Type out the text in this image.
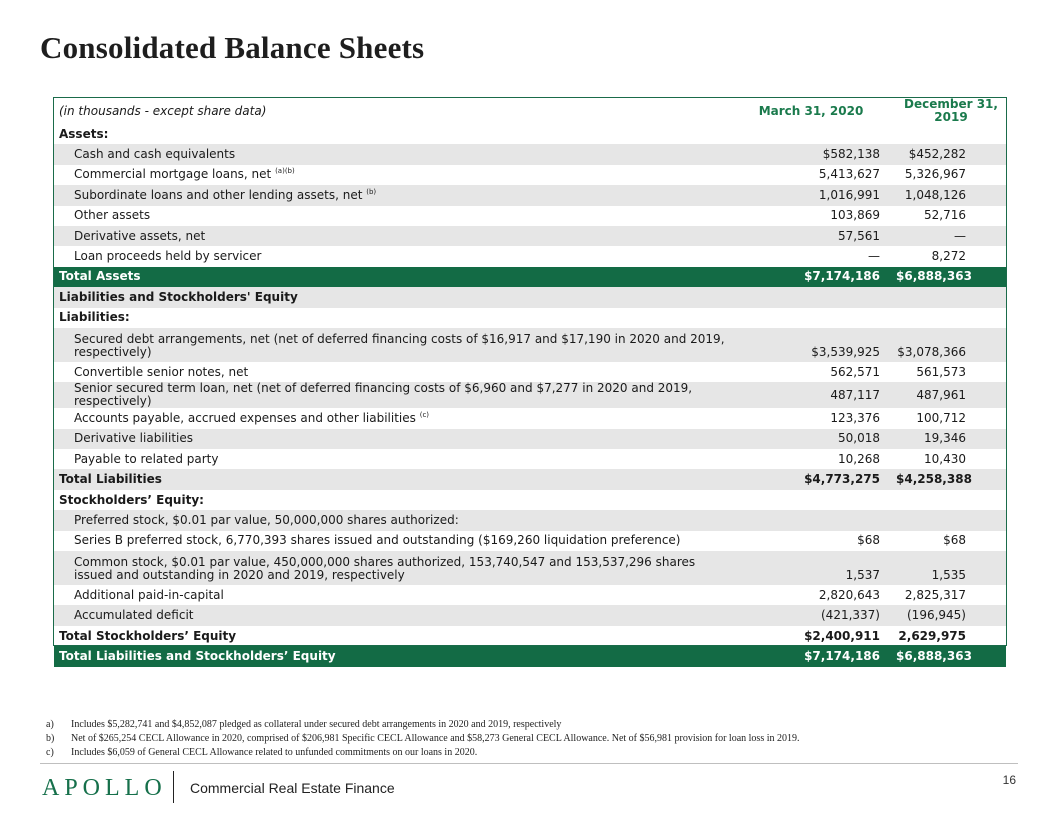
Consolidated Balance Sheets
(in thousands - except share data)	March 31, 2020	December 31, 2019
Assets:		
Cash and cash equivalents	$582,138	$452,282
Commercial mortgage loans, net $^{(a)(b)}$	5,413,627	5,326,967
Subordinate loans and other lending assets, net $^{(b)}$	1,016,991	1,048,126
Other assets	103,869	52,716
Derivative assets, net	57,561	—
Loan proceeds held by servicer	—	8,272
Total Assets	$7,174,186	$6,888,363
Liabilities and Stockholders' Equity		
Liabilities:		
Secured debt arrangements, net (net of deferred financing costs of $16,917 and $17,190 in 2020 and 2019, respectively)	$3,539,925	$3,078,366
Convertible senior notes, net	562,571	561,573
Senior secured term loan, net (net of deferred financing costs of $6,960 and $7,277 in 2020 and 2019, respectively)	487,117	487,961
Accounts payable, accrued expenses and other liabilities $^{(c)}$	123,376	100,712
Derivative liabilities	50,018	19,346
Payable to related party	10,268	10,430
Total Liabilities	$4,773,275	$4,258,388
Stockholders’ Equity:		
Preferred stock, $0.01 par value, 50,000,000 shares authorized:		
Series B preferred stock, 6,770,393 shares issued and outstanding ($169,260 liquidation preference)	$68	$68
Common stock, $0.01 par value, 450,000,000 shares authorized, 153,740,547 and 153,537,296 shares issued and outstanding in 2020 and 2019, respectively	1,537	1,535
Additional paid-in-capital	2,820,643	2,825,317
Accumulated deficit	(421,337)	(196,945)
Total Stockholders’ Equity	$2,400,911	2,629,975
Total Liabilities and Stockholders’ Equity	$7,174,186	$6,888,363
a)	Includes $5,282,741 and $4,852,087 pledged as collateral under secured debt arrangements in 2020 and 2019, respectively
b)	Net of $265,254 CECL Allowance in 2020, comprised of $206,981 Specific CECL Allowance and $58,273 General CECL Allowance. Net of $56,981 provision for loan loss in 2019.
c)	Includes $6,059 of General CECL Allowance related to unfunded commitments on our loans in 2020.
APOLLO Commercial Real Estate Finance	16
